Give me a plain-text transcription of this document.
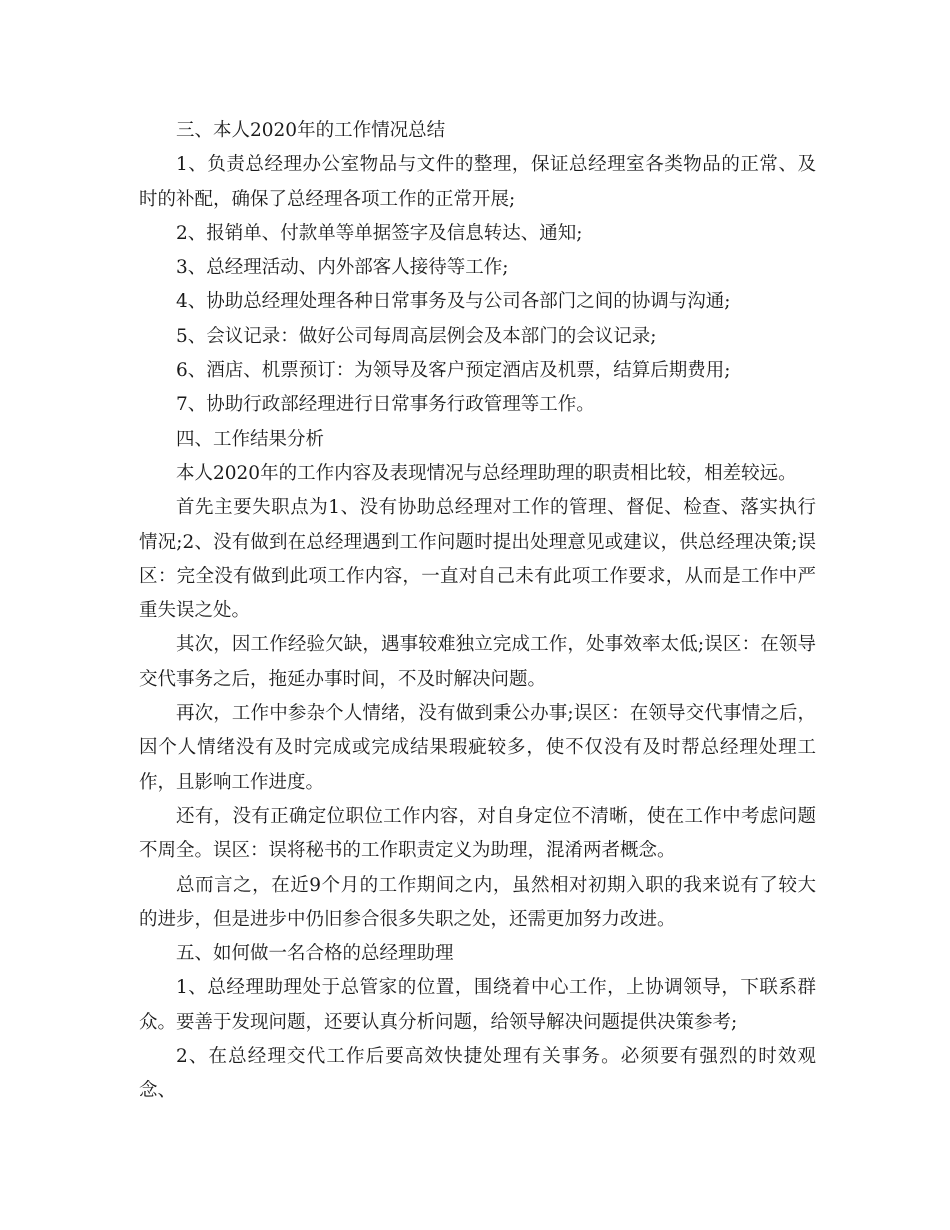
三、本人2020年的工作情况总结

1、负责总经理办公室物品与文件的整理，保证总经理室各类物品的正常、及时的补配，确保了总经理各项工作的正常开展;

2、报销单、付款单等单据签字及信息转达、通知;

3、总经理活动、内外部客人接待等工作;

4、协助总经理处理各种日常事务及与公司各部门之间的协调与沟通;

5、会议记录：做好公司每周高层例会及本部门的会议记录;

6、酒店、机票预订：为领导及客户预定酒店及机票，结算后期费用;

7、协助行政部经理进行日常事务行政管理等工作。

四、工作结果分析

本人2020年的工作内容及表现情况与总经理助理的职责相比较，相差较远。

首先主要失职点为1、没有协助总经理对工作的管理、督促、检查、落实执行情况;2、没有做到在总经理遇到工作问题时提出处理意见或建议，供总经理决策;误区：完全没有做到此项工作内容，一直对自己未有此项工作要求，从而是工作中严重失误之处。

其次，因工作经验欠缺，遇事较难独立完成工作，处事效率太低;误区：在领导交代事务之后，拖延办事时间，不及时解决问题。

再次，工作中参杂个人情绪，没有做到秉公办事;误区：在领导交代事情之后，因个人情绪没有及时完成或完成结果瑕疵较多，使不仅没有及时帮总经理处理工作，且影响工作进度。

还有，没有正确定位职位工作内容，对自身定位不清晰，使在工作中考虑问题不周全。误区：误将秘书的工作职责定义为助理，混淆两者概念。

总而言之，在近9个月的工作期间之内，虽然相对初期入职的我来说有了较大的进步，但是进步中仍旧参合很多失职之处，还需更加努力改进。

五、如何做一名合格的总经理助理

1、总经理助理处于总管家的位置，围绕着中心工作，上协调领导，下联系群众。要善于发现问题，还要认真分析问题，给领导解决问题提供决策参考;

2、在总经理交代工作后要高效快捷处理有关事务。必须要有强烈的时效观念、
